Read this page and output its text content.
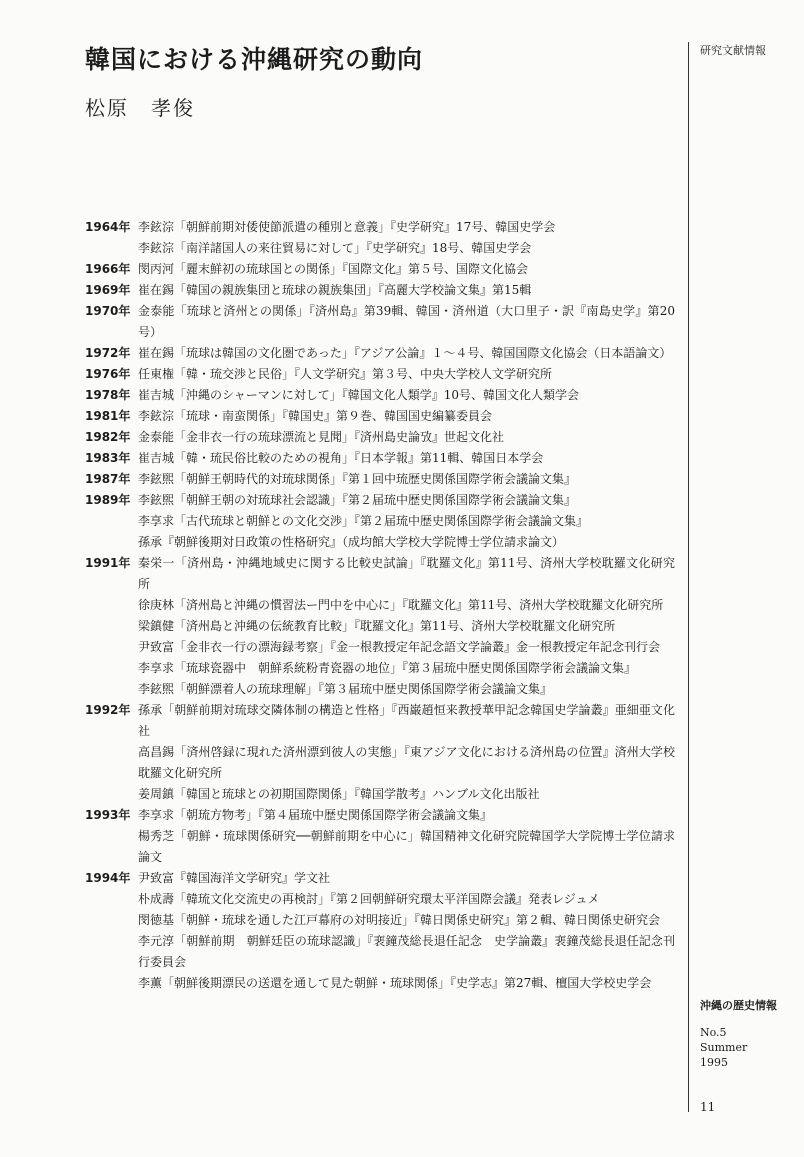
韓国における沖縄研究の動向
松原　孝俊
研究文献情報
1964年 李鉉淙「朝鮮前期対倭使節派遣の種別と意義」『史学研究』17号、韓国史学会
李鉉淙「南洋諸国人の来往貿易に対して」『史学研究』18号、韓国史学会
1966年 閔丙河「麗末鮮初の琉球国との関係」『国際文化』第５号、国際文化協会
1969年 崔在錫「韓国の親族集団と琉球の親族集団」『高麗大学校論文集』第15輯
1970年 金泰能「琉球と済州との関係」『済州島』第39輯、韓国・済州道（大口里子・訳『南島史学』第20号）
1972年 崔在錫「琉球は韓国の文化圏であった」『アジア公論』１〜４号、韓国国際文化協会（日本語論文）
1976年 任東権「韓・琉交渉と民俗」『人文学研究』第３号、中央大学校人文学研究所
1978年 崔吉城「沖縄のシャーマンに対して」『韓国文化人類学』10号、韓国文化人類学会
1981年 李鉉淙「琉球・南蛮関係」『韓国史』第９巻、韓国国史編纂委員会
1982年 金泰能「金非衣一行の琉球漂流と見聞」『済州島史論攷』世起文化社
1983年 崔吉城「韓・琉民俗比較のための視角」『日本学報』第11輯、韓国日本学会
1987年 李鉉煕「朝鮮王朝時代的対琉球関係」『第１回中琉歴史関係国際学術会議論文集』
1989年 李鉉煕「朝鮮王朝の対琉球社会認識」『第２届琉中歴史関係国際学術会議論文集』
李享求「古代琉球と朝鮮との文化交渉」『第２届琉中歴史関係国際学術会議論文集』
孫承『朝鮮後期対日政策の性格研究』（成均館大学校大学院博士学位請求論文）
1991年 秦栄一「済州島・沖縄地域史に関する比較史試論」『耽羅文化』第11号、済州大学校耽羅文化研究所
徐庚林「済州島と沖縄の慣習法ー門中を中心に」『耽羅文化』第11号、済州大学校耽羅文化研究所
梁鎮健「済州島と沖縄の伝統教育比較」『耽羅文化』第11号、済州大学校耽羅文化研究所
尹致富「金非衣一行の漂海録考察」『金一根教授定年記念語文学論叢』金一根教授定年記念刊行会
李享求「琉球瓷器中　朝鮮系統粉青瓷器の地位」『第３届琉中歴史関係国際学術会議論文集』
李鉉煕「朝鮮漂着人の琉球理解」『第３届琉中歴史関係国際学術会議論文集』
1992年 孫承「朝鮮前期対琉球交隣体制の構造と性格」『西巌趙恒来教授華甲記念韓国史学論叢』亜細亜文化社
高昌錫「済州啓録に現れた済州漂到彼人の実態」『東アジア文化における済州島の位置』済州大学校耽羅文化研究所
姜周鎮「韓国と琉球との初期国際関係」『韓国学散考』ハンブル文化出版社
1993年 李享求「朝琉方物考」『第４届琉中歴史関係国際学術会議論文集』
楊秀芝「朝鮮・琉球関係研究──朝鮮前期を中心に」韓国精神文化研究院韓国学大学院博士学位請求論文
1994年 尹致富『韓国海洋文学研究』学文社
朴成壽「韓琉文化交流史の再検討」『第２回朝鮮研究環太平洋国際会議』発表レジュメ
閔徳基「朝鮮・琉球を通した江戸幕府の対明接近」『韓日関係史研究』第２輯、韓日関係史研究会
李元淳「朝鮮前期　朝鮮廷臣の琉球認識」『裵鐘茂総長退任記念　史学論叢』裵鐘茂総長退任記念刊行委員会
李薫「朝鮮後期漂民の送還を通して見た朝鮮・琉球関係」『史学志』第27輯、檀国大学校史学会
沖縄の歴史情報
No.5
Summer
1995
11
